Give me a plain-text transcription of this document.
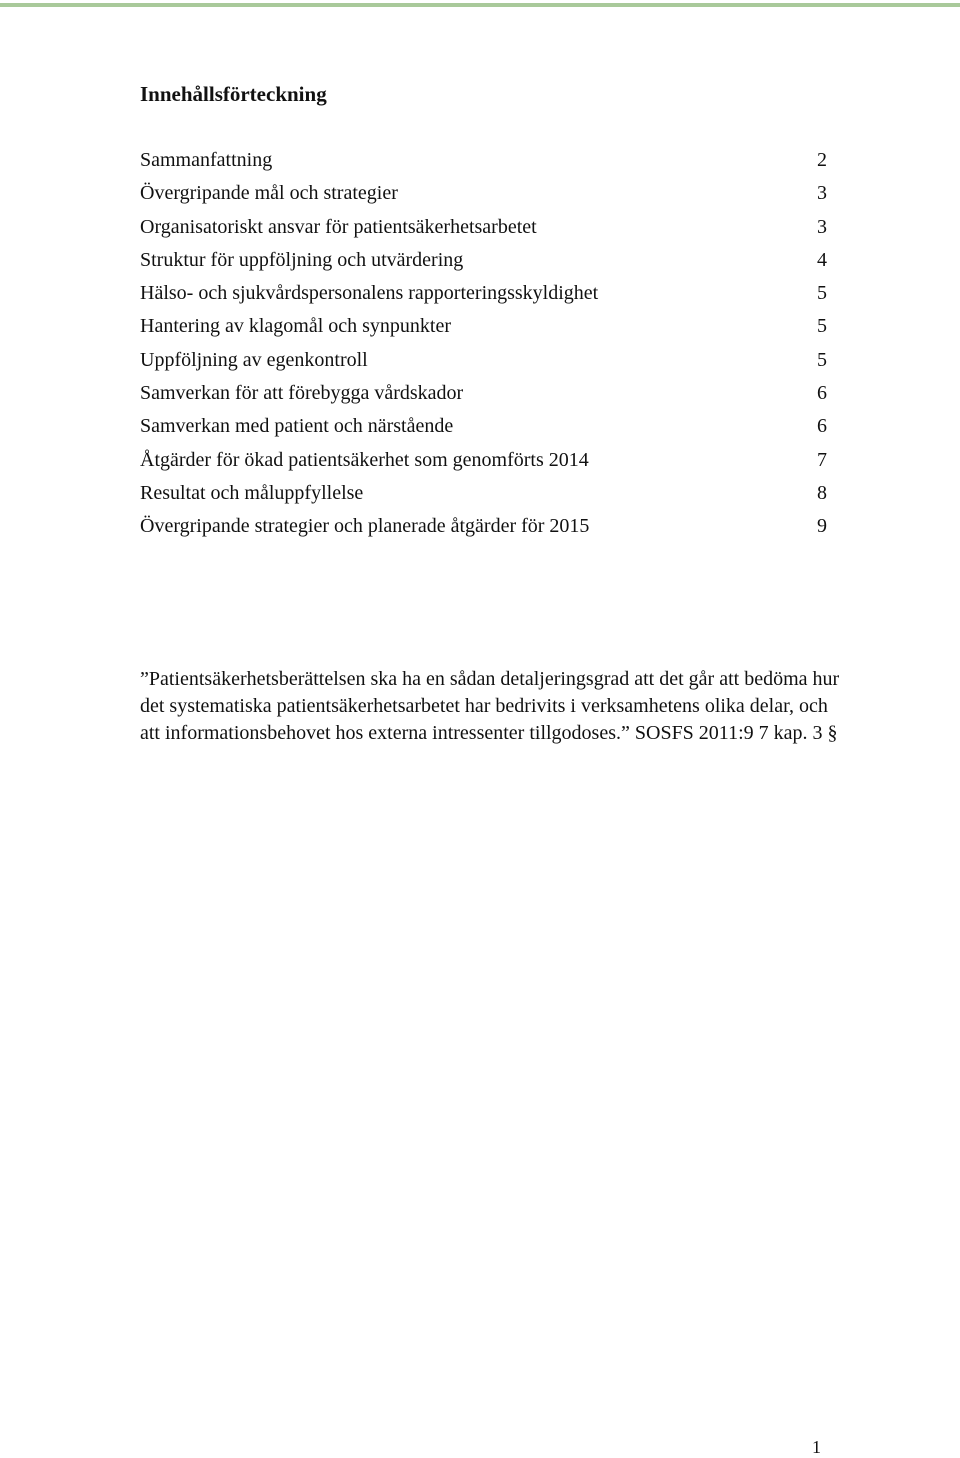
Innehållsförteckning
Sammanfattning	2
Övergripande mål och strategier	3
Organisatoriskt ansvar för patientsäkerhetsarbetet	3
Struktur för uppföljning och utvärdering	4
Hälso- och sjukvårdspersonalens rapporteringsskyldighet	5
Hantering av klagomål och synpunkter	5
Uppföljning av egenkontroll	5
Samverkan för att förebygga vårdskador	6
Samverkan med patient och närstående	6
Åtgärder för ökad patientsäkerhet som genomförts 2014	7
Resultat och måluppfyllelse	8
Övergripande strategier och planerade åtgärder för 2015	9

”Patientsäkerhetsberättelsen ska ha en sådan detaljeringsgrad att det går att bedöma hur det systematiska patientsäkerhetsarbetet har bedrivits i verksamhetens olika delar, och att informationsbehovet hos externa intressenter tillgodoses.” SOSFS 2011:9 7 kap. 3 §

1
